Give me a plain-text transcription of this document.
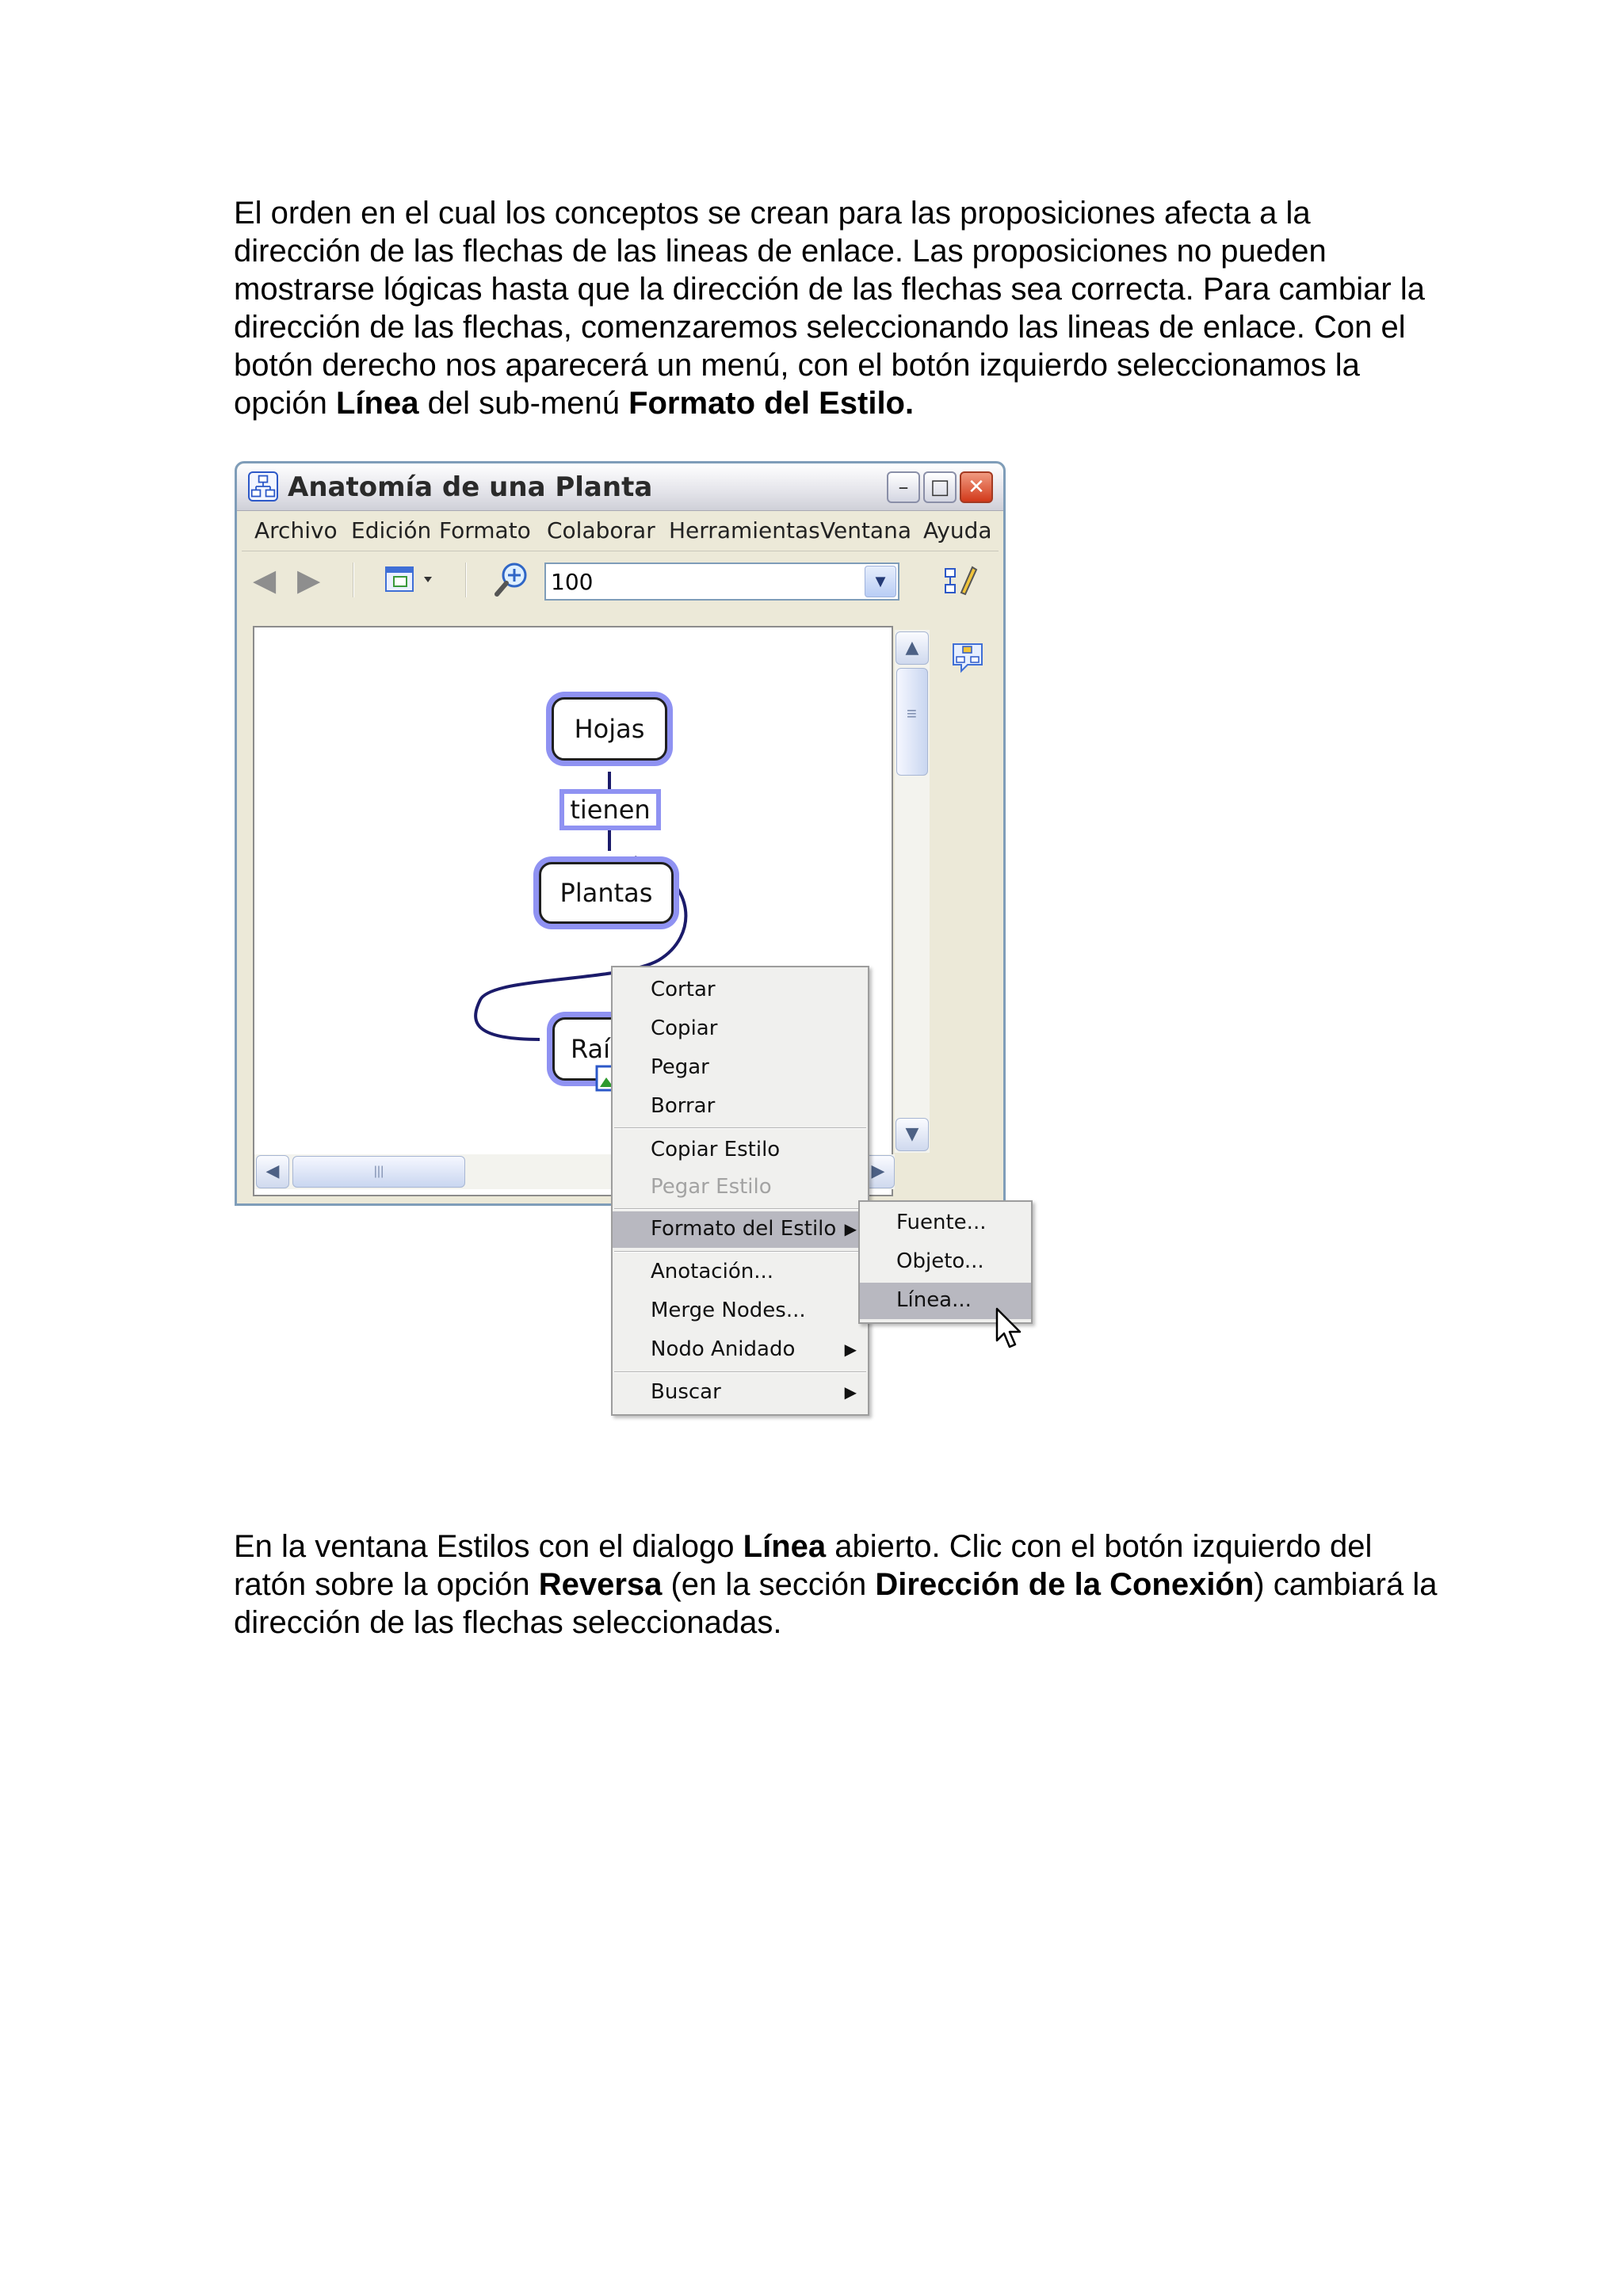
El orden en el cual los conceptos se crean para las proposiciones afecta a la dirección de las flechas de las lineas de enlace. Las proposiciones no pueden mostrarse lógicas hasta que la dirección de las flechas sea correcta. Para cambiar la dirección de las flechas, comenzaremos seleccionando las lineas de enlace. Con el botón derecho nos aparecerá un menú, con el botón izquierdo seleccionamos la opción Línea del sub-menú Formato del Estilo.

Anatomía de una Planta	–	□ ✕
Archivo Edición Formato Colaborar Herramientas Ventana Ayuda
◀ ▶	100	▼
Hojas
tienen
Plantas
Raí
▲
≡
▼
◀	|||	▶
Cortar
Copiar
Pegar
Borrar
Copiar Estilo
Pegar Estilo
Formato del Estilo ▶
Anotación...
Merge Nodes...
Nodo Anidado	▶
Buscar	▶
Fuente...
Objeto...
Línea...

En la ventana Estilos con el dialogo Línea abierto. Clic con el botón izquierdo del ratón sobre la opción Reversa (en la sección Dirección de la Conexión) cambiará la dirección de las flechas seleccionadas.
